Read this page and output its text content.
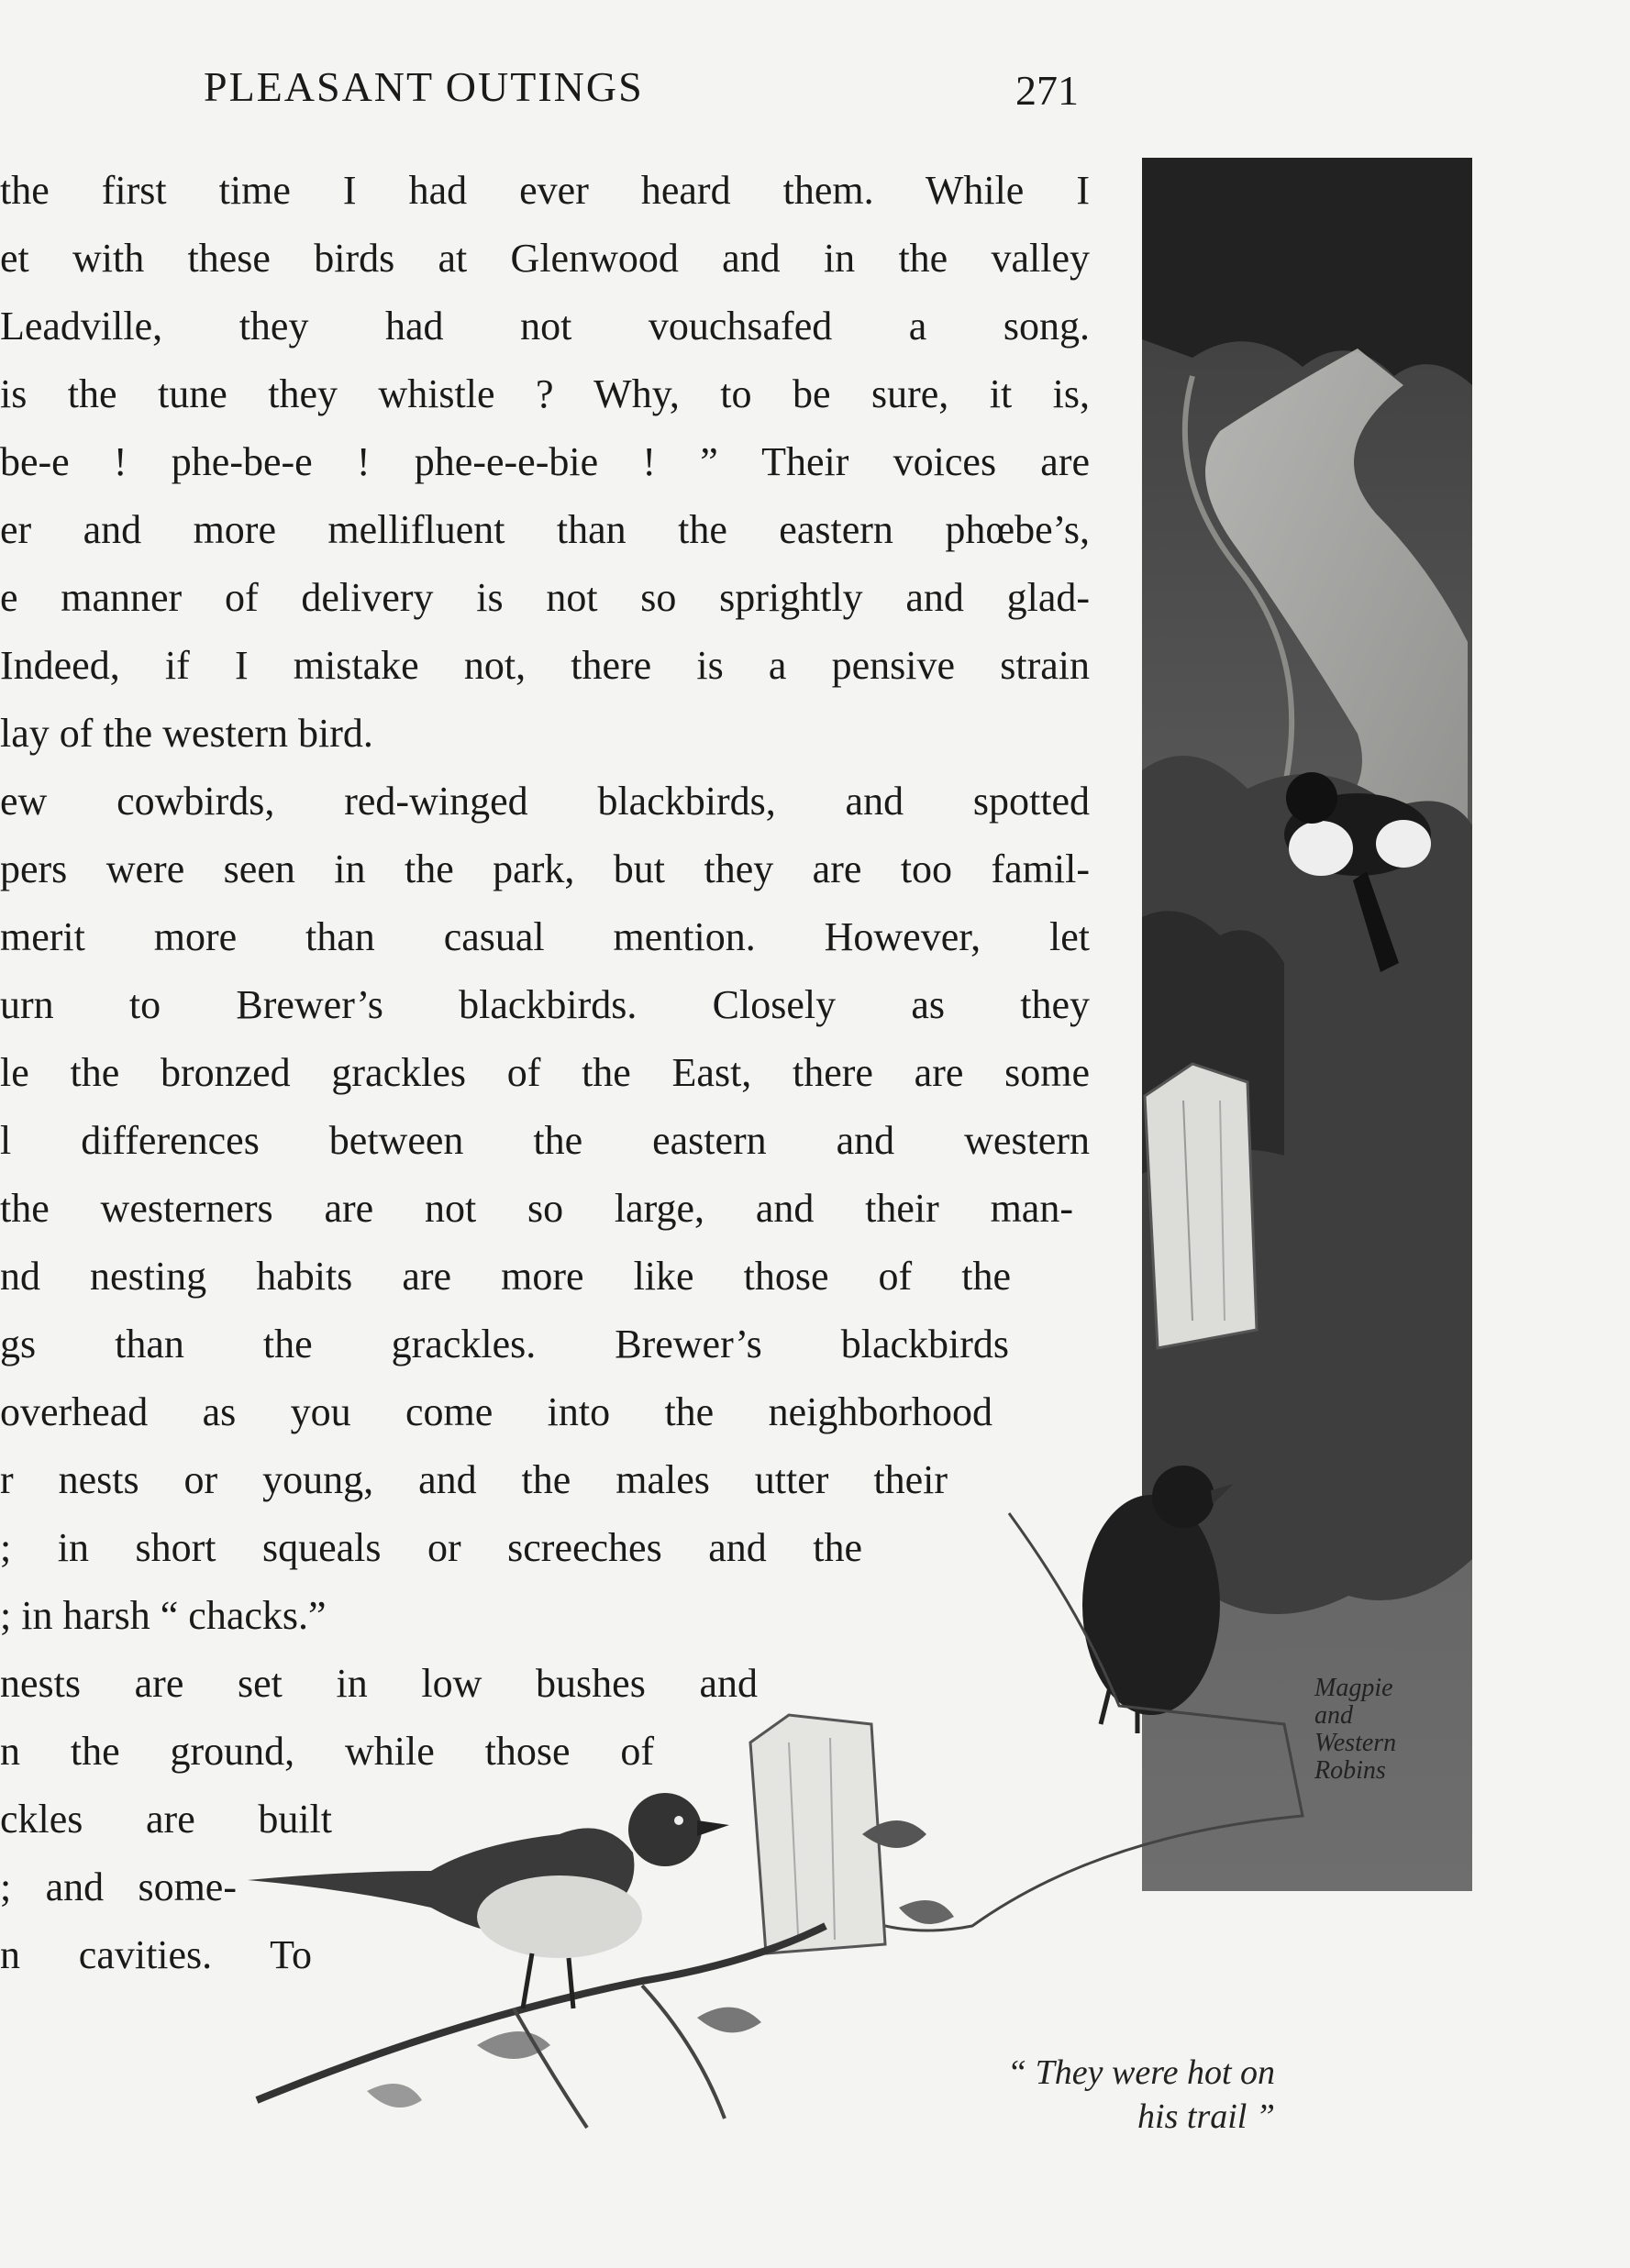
PLEASANT OUTINGS	271
the first time I had ever heard them. While I
et with these birds at Glenwood and in the valley
Leadville, they had not vouchsafed a song.
is the tune they whistle ? Why, to be sure, it is,
be-e ! phe-be-e ! phe-e-e-bie ! ” Their voices are
er and more mellifluent than the eastern phœbe’s,
e manner of delivery is not so sprightly and glad-
Indeed, if I mistake not, there is a pensive strain
lay of the western bird.
ew cowbirds, red-winged blackbirds, and spotted
pers were seen in the park, but they are too famil-
merit more than casual mention. However, let
urn to Brewer’s blackbirds. Closely as they
le the bronzed grackles of the East, there are some
l differences between the eastern and western
the westerners are not so large, and their man-
nd nesting habits are more like those of the
gs than the grackles. Brewer’s blackbirds
overhead as you come into the neighborhood
r nests or young, and the males utter their
; in short squeals or screeches and the
; in harsh “ chacks.”
nests are set in low bushes and
n the ground, while those of
ckles are built
; and some-
n cavities. To
Magpie
and
Western
Robins
“ They were hot on
his trail ”
